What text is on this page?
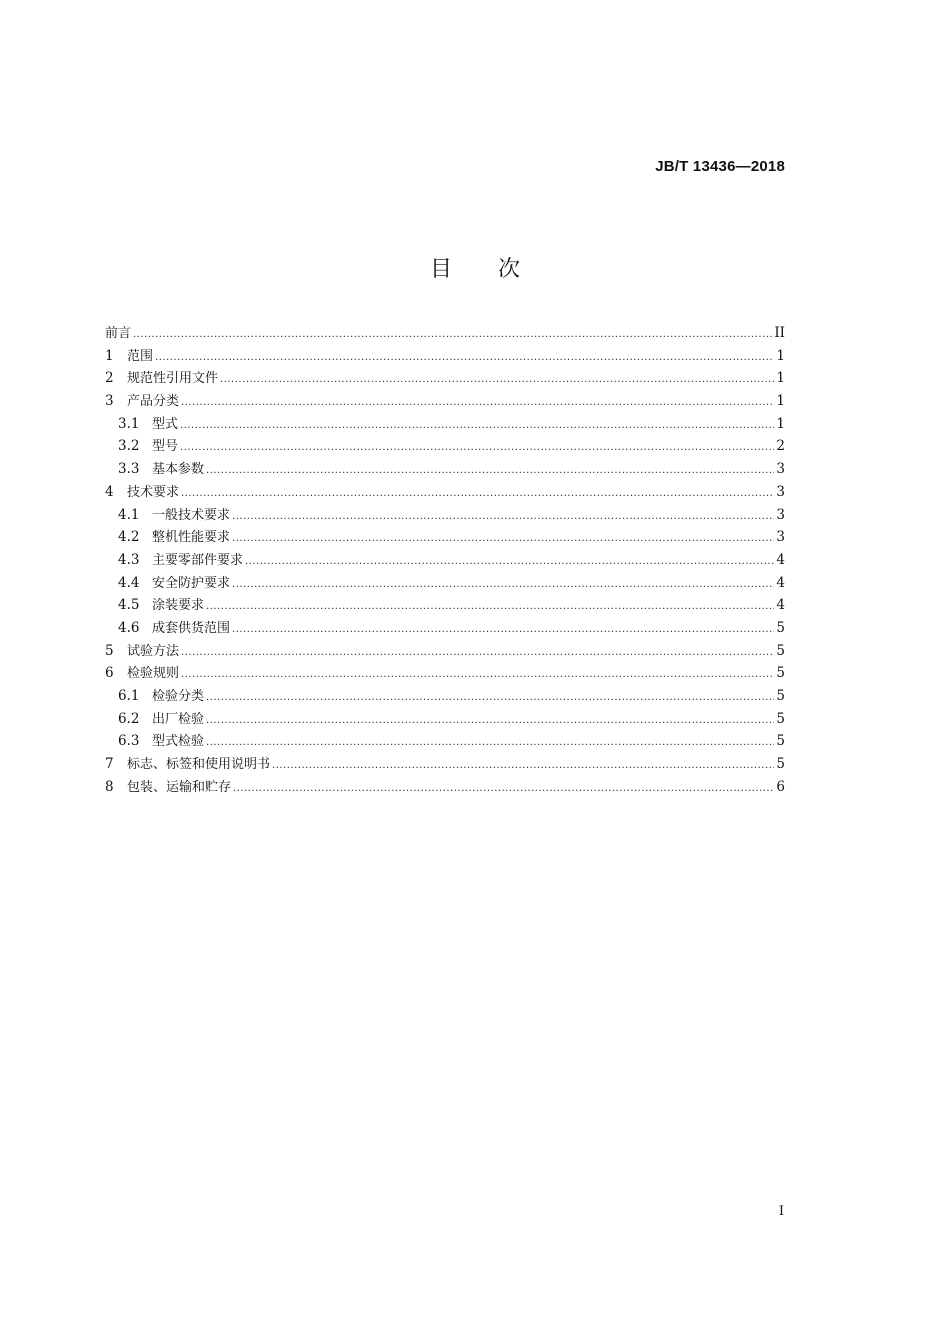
JB/T 13436—2018
目 次
前言 .....	II
1	范围 .....	1
2	规范性引用文件 .....	1
3	产品分类 .....	1
3.1 型式 .....	1
3.2 型号 .....	2
3.3 基本参数 .....	3
4	技术要求 .....	3
4.1 一般技术要求 .....	3
4.2 整机性能要求 .....	3
4.3 主要零部件要求 .....	4
4.4 安全防护要求 .....	4
4.5 涂装要求 .....	4
4.6 成套供货范围 .....	5
5	试验方法 .....	5
6	检验规则 .....	5
6.1 检验分类 .....	5
6.2 出厂检验 .....	5
6.3 型式检验 .....	5
7	标志、标签和使用说明书 .....	5
8	包装、运输和贮存 .....	6
I
